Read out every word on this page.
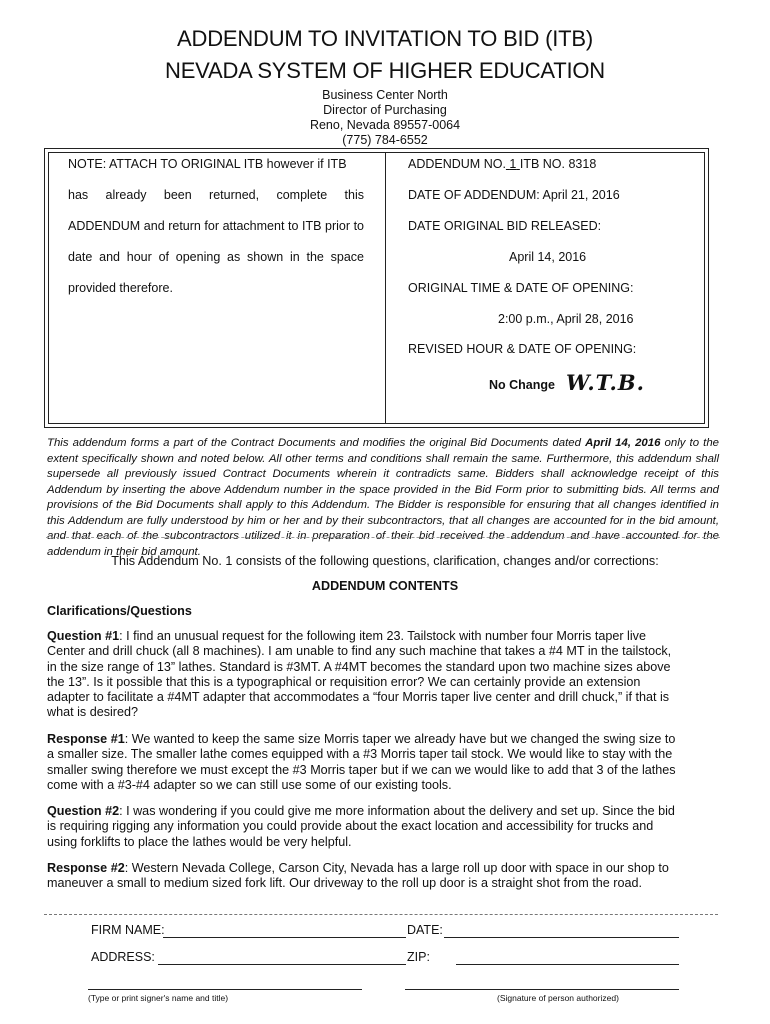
ADDENDUM TO INVITATION TO BID (ITB)
NEVADA SYSTEM OF HIGHER EDUCATION
Business Center North
Director of Purchasing
Reno, Nevada 89557-0064
(775) 784-6552
NOTE: ATTACH TO ORIGINAL ITB however if ITB
has already been returned, complete this
ADDENDUM and return for attachment to ITB prior to
date and hour of opening as shown in the space
provided therefore.
ADDENDUM NO. 1 ITB NO. 8318
DATE OF ADDENDUM: April 21, 2016
DATE ORIGINAL BID RELEASED:
April 14, 2016
ORIGINAL TIME & DATE OF OPENING:
2:00 p.m., April 28, 2016
REVISED HOUR & DATE OF OPENING:
No Change W.T.B.
This addendum forms a part of the Contract Documents and modifies the original Bid Documents dated April 14, 2016 only to the extent specifically shown and noted below. All other terms and conditions shall remain the same. Furthermore, this addendum shall supersede all previously issued Contract Documents wherein it contradicts same. Bidders shall acknowledge receipt of this Addendum by inserting the above Addendum number in the space provided in the Bid Form prior to submitting bids. All terms and provisions of the Bid Documents shall apply to this Addendum. The Bidder is responsible for ensuring that all changes identified in this Addendum are fully understood by him or her and by their subcontractors, that all changes are accounted for in the bid amount, and that each of the subcontractors utilized it in preparation of their bid received the addendum and have accounted for the addendum in their bid amount.
This Addendum No. 1 consists of the following questions, clarification, changes and/or corrections:
ADDENDUM CONTENTS
Clarifications/Questions
Question #1: I find an unusual request for the following item 23. Tailstock with number four Morris taper live Center and drill chuck (all 8 machines). I am unable to find any such machine that takes a #4 MT in the tailstock, in the size range of 13” lathes. Standard is #3MT. A #4MT becomes the standard upon two machine sizes above the 13”. Is it possible that this is a typographical or requisition error? We can certainly provide an extension adapter to facilitate a #4MT adapter that accommodates a “four Morris taper live center and drill chuck,” if that is what is desired?
Response #1: We wanted to keep the same size Morris taper we already have but we changed the swing size to a smaller size. The smaller lathe comes equipped with a #3 Morris taper tail stock. We would like to stay with the smaller swing therefore we must except the #3 Morris taper but if we can we would like to add that 3 of the lathes come with a #3-#4 adapter so we can still use some of our existing tools.
Question #2: I was wondering if you could give me more information about the delivery and set up. Since the bid is requiring rigging any information you could provide about the exact location and accessibility for trucks and using forklifts to place the lathes would be very helpful.
Response #2: Western Nevada College, Carson City, Nevada has a large roll up door with space in our shop to maneuver a small to medium sized fork lift. Our driveway to the roll up door is a straight shot from the road.
FIRM NAME:	DATE:
ADDRESS:	ZIP:
(Type or print signer's name and title)	(Signature of person authorized)
